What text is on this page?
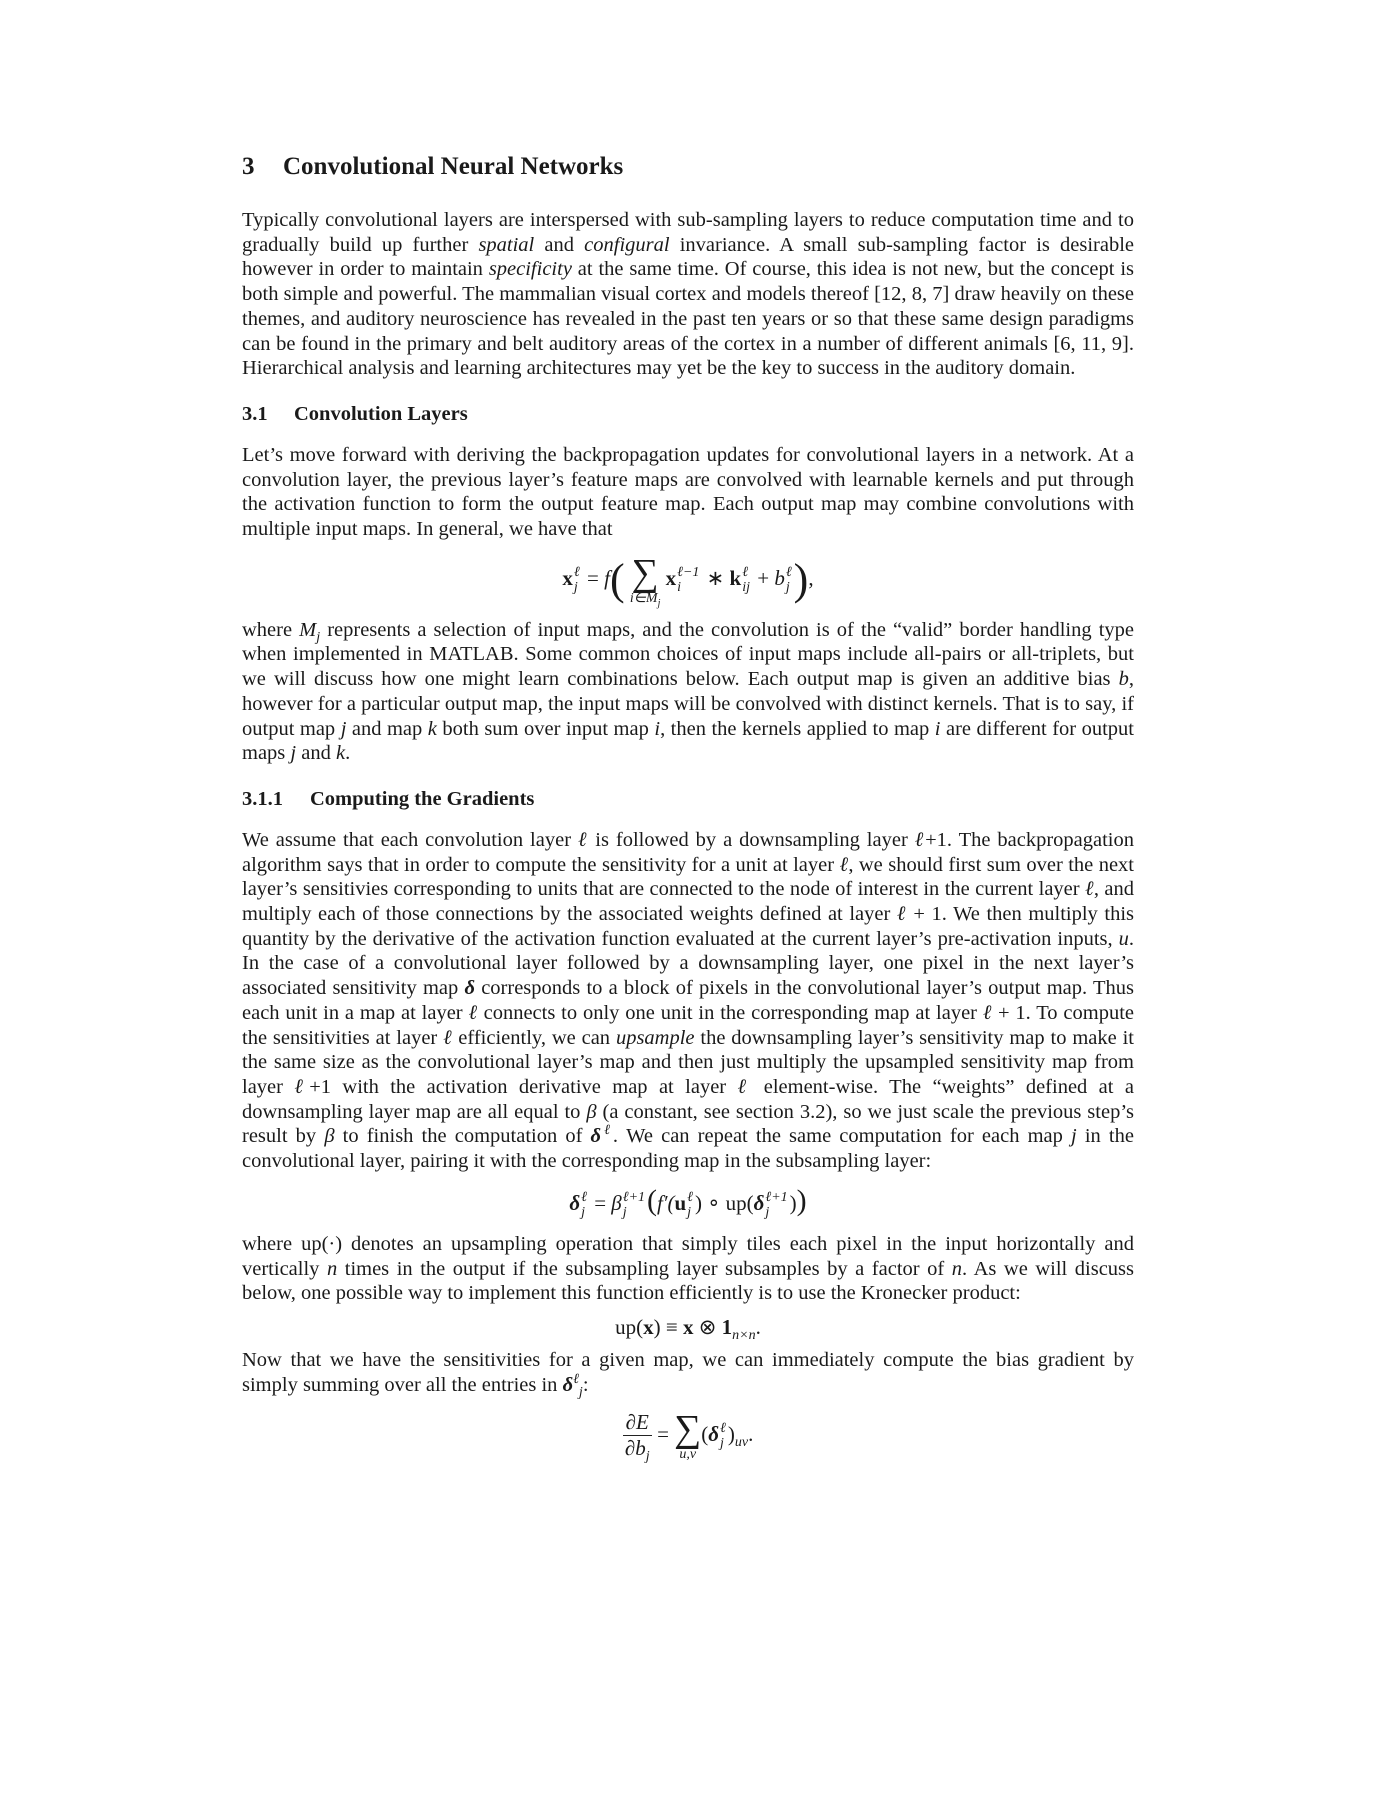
3 Convolutional Neural Networks

Typically convolutional layers are interspersed with sub-sampling layers to reduce computation time and to gradually build up further spatial and configural invariance. A small sub-sampling factor is desirable however in order to maintain specificity at the same time. Of course, this idea is not new, but the concept is both simple and powerful. The mammalian visual cortex and models thereof [12, 8, 7] draw heavily on these themes, and auditory neuroscience has revealed in the past ten years or so that these same design paradigms can be found in the primary and belt auditory areas of the cortex in a number of different animals [6, 11, 9]. Hierarchical analysis and learning architectures may yet be the key to success in the auditory domain.

3.1 Convolution Layers

Let’s move forward with deriving the backpropagation updates for convolutional layers in a network. At a convolution layer, the previous layer’s feature maps are convolved with learnable kernels and put through the activation function to form the output feature map. Each output map may combine convolutions with multiple input maps. In general, we have that

x ℓ
j = f( ∑
$i\in M_j$
x ℓ−1
i	∗ k ℓ
ij + b ℓ
j ),

where $M_j$ represents a selection of input maps, and the convolution is of the “valid” border handling type when implemented in MATLAB. Some common choices of input maps include all-pairs or all-triplets, but we will discuss how one might learn combinations below. Each output map is given an additive bias b, however for a particular output map, the input maps will be convolved with distinct kernels. That is to say, if output map j and map k both sum over input map i, then the kernels applied to map i are different for output maps j and k.

3.1.1 Computing the Gradients

We assume that each convolution layer ℓ is followed by a downsampling layer ℓ+1. The backpropagation algorithm says that in order to compute the sensitivity for a unit at layer ℓ, we should first sum over the next layer’s sensitivies corresponding to units that are connected to the node of interest in the current layer ℓ, and multiply each of those connections by the associated weights defined at layer ℓ + 1. We then multiply this quantity by the derivative of the activation function evaluated at the current layer’s pre-activation inputs, u. In the case of a convolutional layer followed by a downsampling layer, one pixel in the next layer’s associated sensitivity map δ corresponds to a block of pixels in the convolutional layer’s output map. Thus each unit in a map at layer ℓ connects to only one unit in the corresponding map at layer ℓ + 1. To compute the sensitivities at layer ℓ efficiently, we can upsample the downsampling layer’s sensitivity map to make it the same size as the convolutional layer’s map and then just multiply the upsampled sensitivity map from layer ℓ+1 with the activation derivative map at layer ℓ element-wise. The “weights” defined at a downsampling layer map are all equal to β (a constant, see section 3.2), so we just scale the previous step’s result by β to finish the computation of $\delta^\ell$. We can repeat the same computation for each map j in the convolutional layer, pairing it with the corresponding map in the subsampling layer:

δ ℓ
j = β ℓ+1
j (f′(u ℓ
j ) ∘ up(δ ℓ+1
j ))

where up(·) denotes an upsampling operation that simply tiles each pixel in the input horizontally and vertically n times in the output if the subsampling layer subsamples by a factor of n. As we will discuss below, one possible way to implement this function efficiently is to use the Kronecker product:

up(x) ≡ x ⊗ $1_{n\times n}$.

Now that we have the sensitivities for a given map, we can immediately compute the bias gradient by simply summing over all the entries in $\delta^\ell_j$:

$\frac{\partial E}{\partial b_j}$ = ∑
u,v
(δ ℓ
j )$_{uv}$.
